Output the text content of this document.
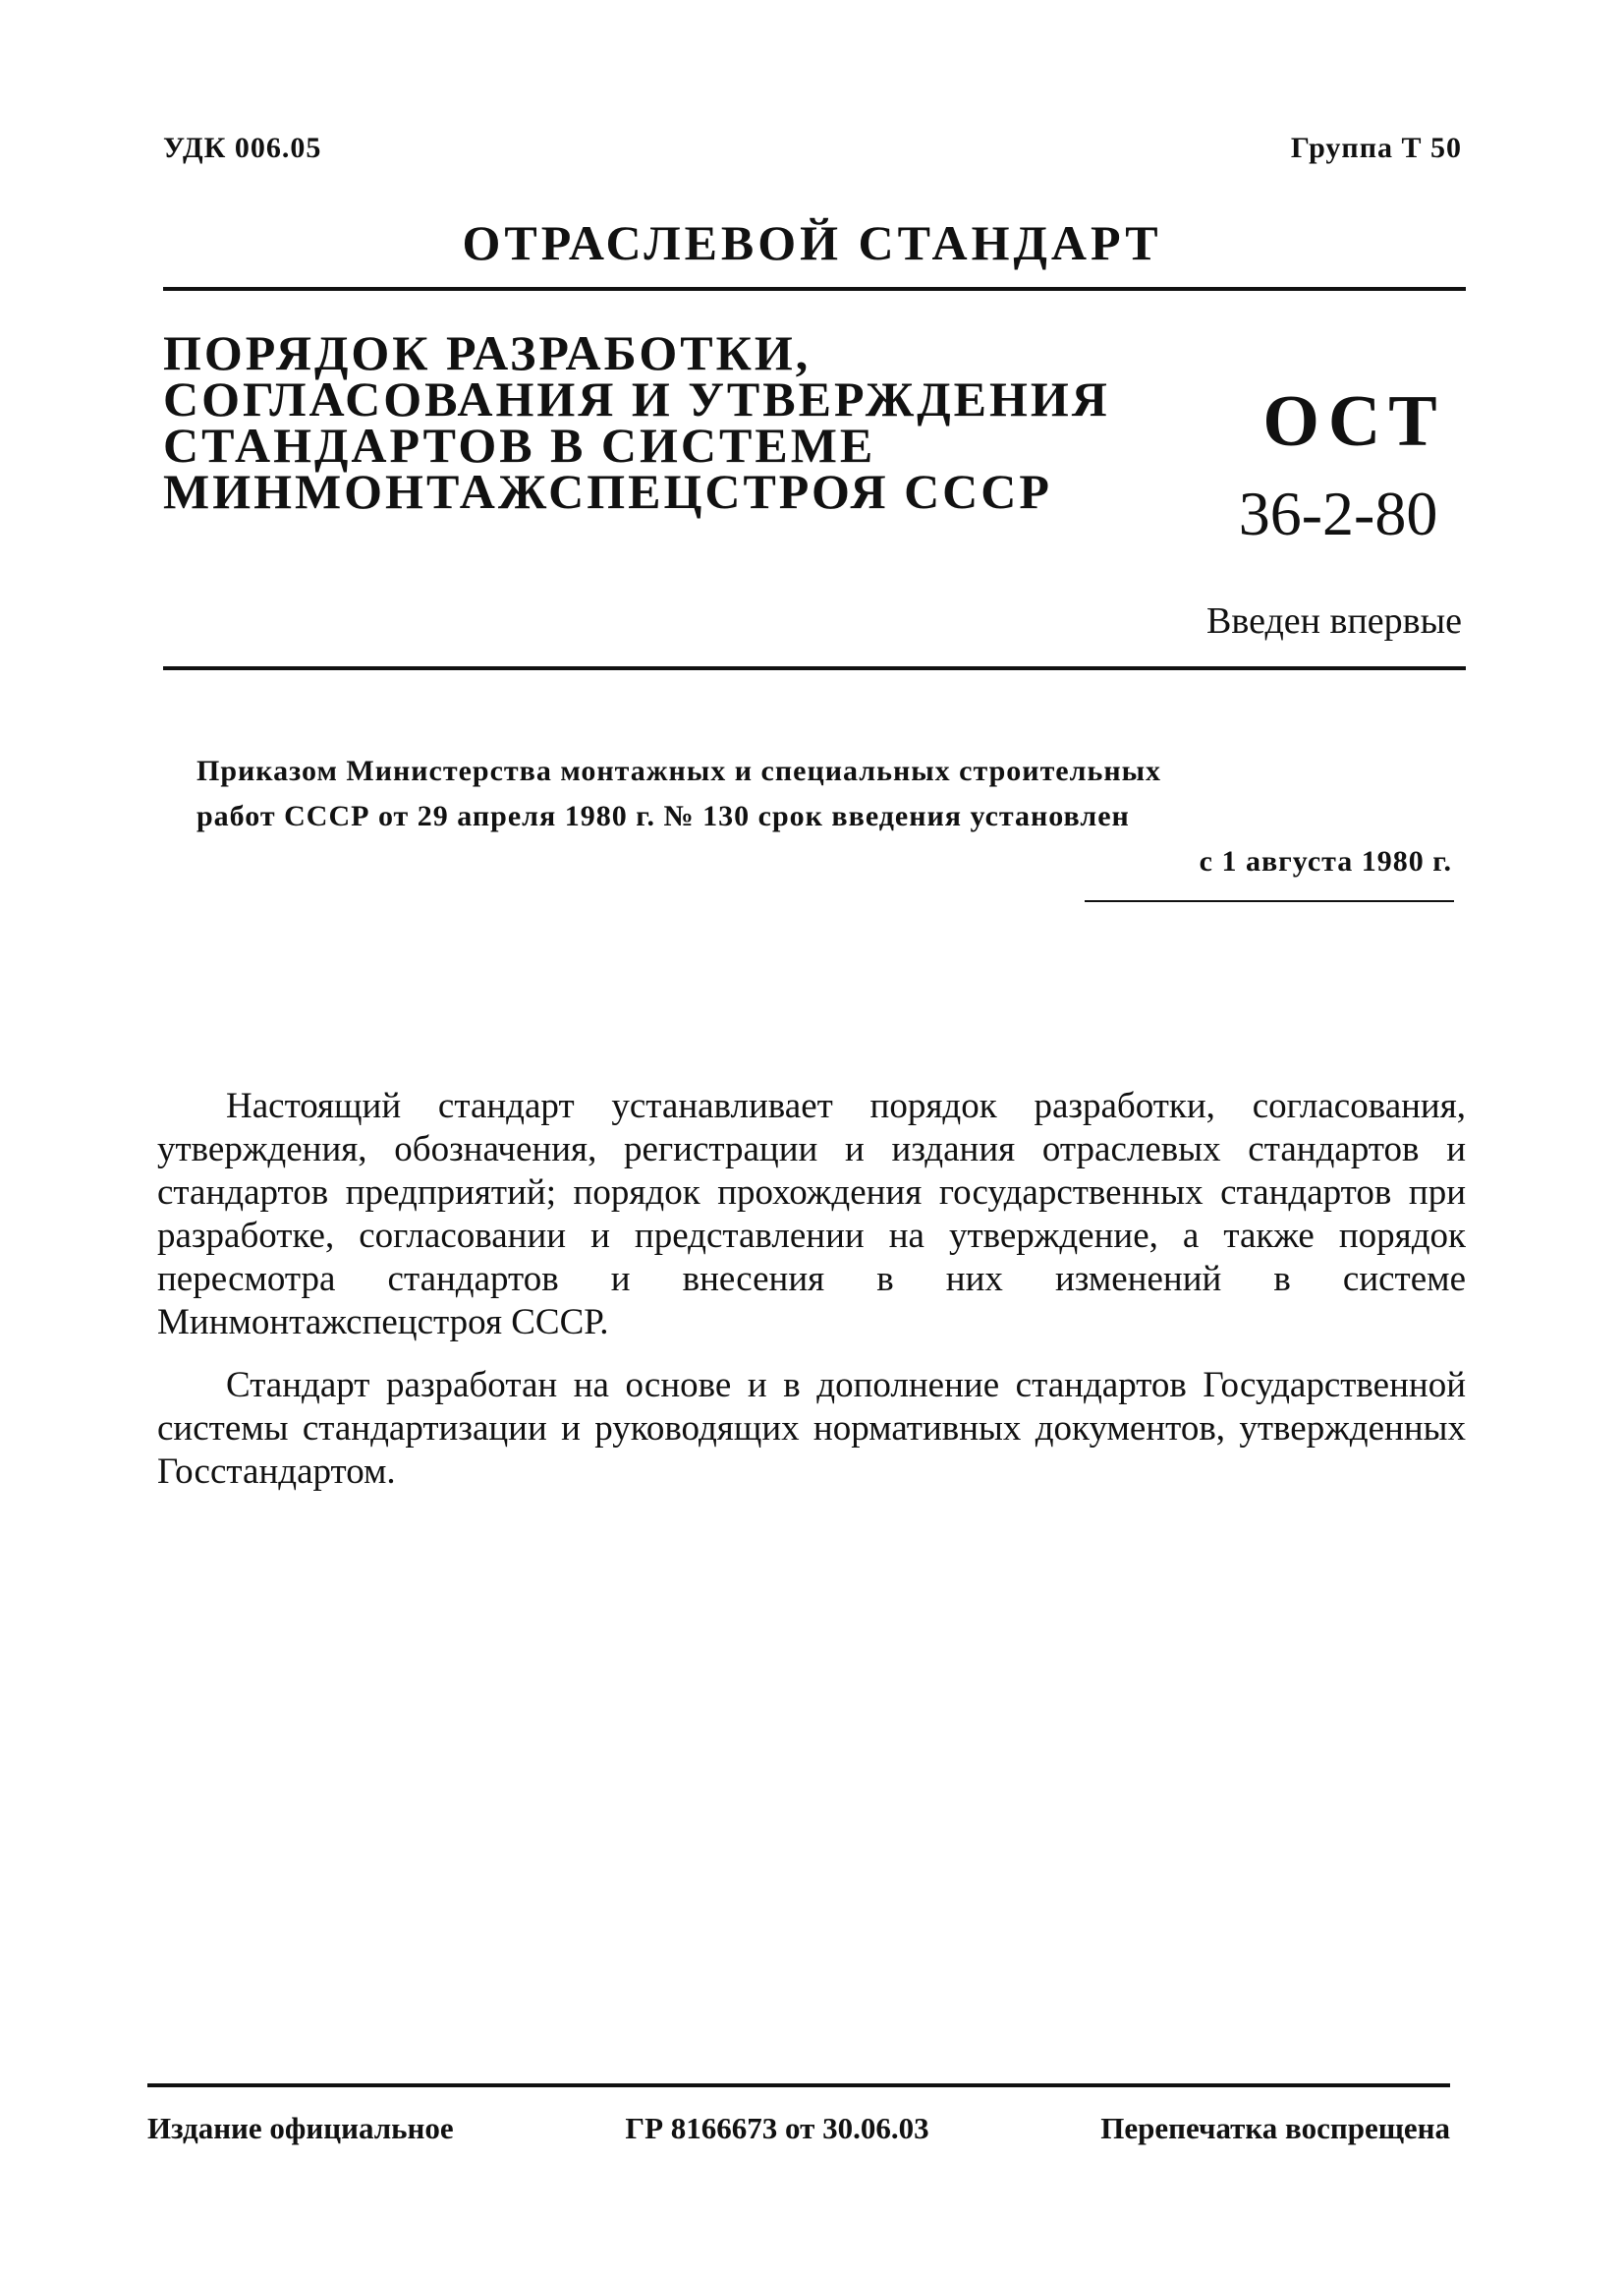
УДК 006.05	Группа Т 50
ОТРАСЛЕВОЙ СТАНДАРТ
ПОРЯДОК РАЗРАБОТКИ,
СОГЛАСОВАНИЯ И УТВЕРЖДЕНИЯ
СТАНДАРТОВ В СИСТЕМЕ
МИНМОНТАЖСПЕЦСТРОЯ СССР
ОСТ
36-2-80
Введен впервые
Приказом Министерства монтажных и специальных строительных
работ СССР от 29 апреля 1980 г. № 130 срок введения установлен
с 1 августа 1980 г.

Настоящий стандарт устанавливает порядок разработки, согласования, утверждения, обозначения, регистрации и издания отраслевых стандартов и стандартов предприятий; порядок прохождения государственных стандартов при разработке, согласовании и представлении на утверждение, а также порядок пересмотра стандартов и внесения в них изменений в системе Минмонтажспецстроя СССР.

Стандарт разработан на основе и в дополнение стандартов Государственной системы стандартизации и руководящих нормативных документов, утвержденных Госстандартом.

Издание официальное	ГР 8166673 от 30.06.03	Перепечатка воспрещена
